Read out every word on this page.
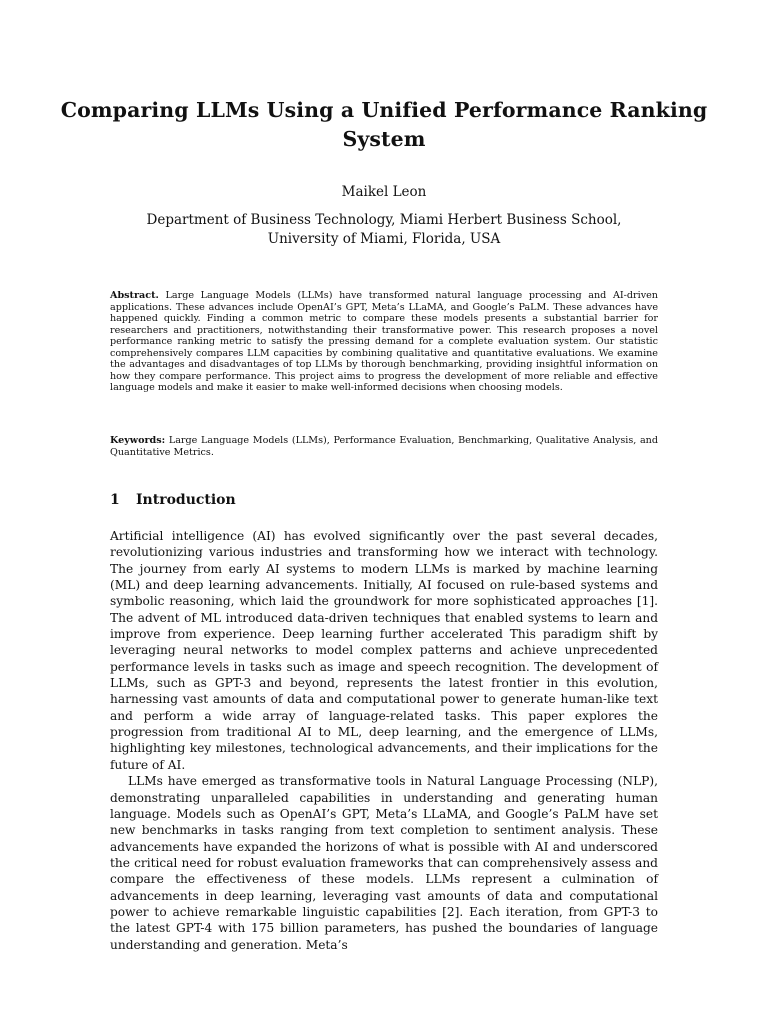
Comparing LLMs Using a Unified Performance Ranking System
Maikel Leon
Department of Business Technology, Miami Herbert Business School,
University of Miami, Florida, USA
Abstract. Large Language Models (LLMs) have transformed natural language processing and AI-driven applications. These advances include OpenAI’s GPT, Meta’s LLaMA, and Google’s PaLM. These advances have happened quickly. Finding a common metric to compare these models presents a substantial barrier for researchers and practitioners, notwithstanding their transformative power. This research proposes a novel performance ranking metric to satisfy the pressing demand for a complete evaluation system. Our statistic comprehensively compares LLM capacities by combining qualitative and quantitative evaluations. We examine the advantages and disadvantages of top LLMs by thorough benchmarking, providing insightful information on how they compare performance. This project aims to progress the development of more reliable and effective language models and make it easier to make well-informed decisions when choosing models.
Keywords: Large Language Models (LLMs), Performance Evaluation, Benchmarking, Qualitative Analysis, and Quantitative Metrics.
1 Introduction

Artificial intelligence (AI) has evolved significantly over the past several decades, revolutionizing various industries and transforming how we interact with technology. The journey from early AI systems to modern LLMs is marked by machine learning (ML) and deep learning advancements. Initially, AI focused on rule-based systems and symbolic reasoning, which laid the groundwork for more sophisticated approaches [1]. The advent of ML introduced data-driven techniques that enabled systems to learn and improve from experience. Deep learning further accelerated This paradigm shift by leveraging neural networks to model complex patterns and achieve unprecedented performance levels in tasks such as image and speech recognition. The development of LLMs, such as GPT-3 and beyond, represents the latest frontier in this evolution, harnessing vast amounts of data and computational power to generate human-like text and perform a wide array of language-related tasks. This paper explores the progression from traditional AI to ML, deep learning, and the emergence of LLMs, highlighting key milestones, technological advancements, and their implications for the future of AI.

LLMs have emerged as transformative tools in Natural Language Processing (NLP), demonstrating unparalleled capabilities in understanding and generating human language. Models such as OpenAI’s GPT, Meta’s LLaMA, and Google’s PaLM have set new benchmarks in tasks ranging from text completion to sentiment analysis. These advancements have expanded the horizons of what is possible with AI and underscored the critical need for robust evaluation frameworks that can comprehensively assess and compare the effectiveness of these models. LLMs represent a culmination of advancements in deep learning, leveraging vast amounts of data and computational power to achieve remarkable linguistic capabilities [2]. Each iteration, from GPT-3 to the latest GPT-4 with 175 billion parameters, has pushed the boundaries of language understanding and generation. Meta’s
